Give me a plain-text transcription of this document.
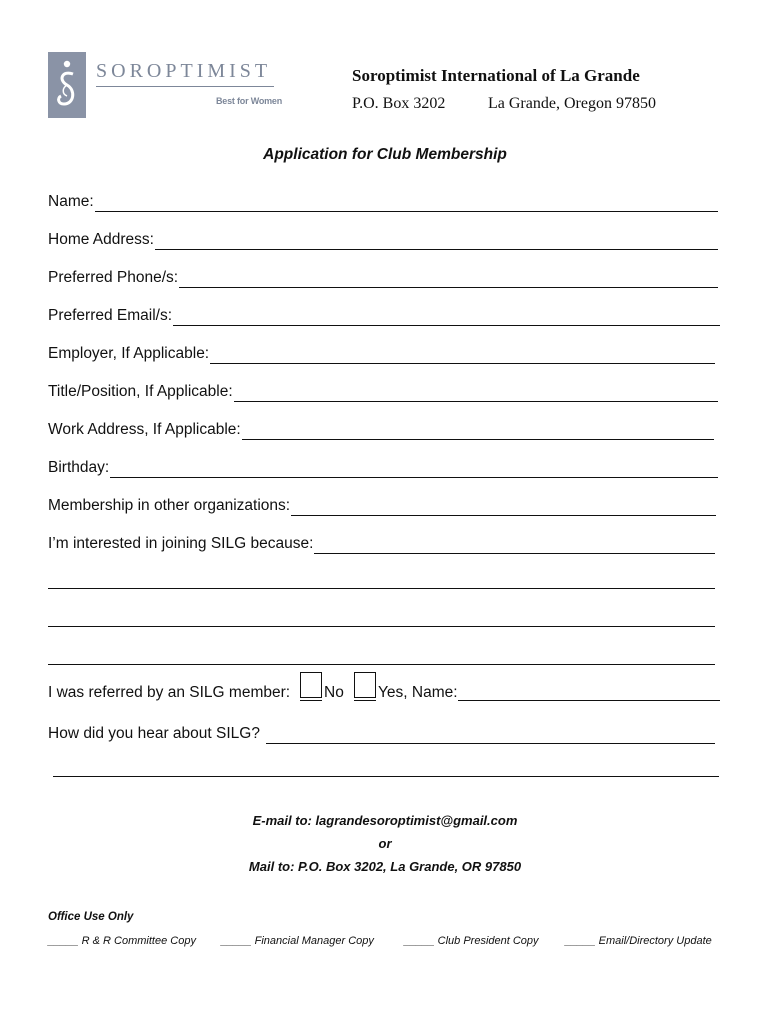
SOROPTIMIST
Best for Women
Soroptimist International of La Grande
P.O. Box 3202	La Grande, Oregon 97850
Application for Club Membership
Name:
Home Address:
Preferred Phone/s:
Preferred Email/s:
Employer, If Applicable:
Title/Position, If Applicable:
Work Address, If Applicable:
Birthday:
Membership in other organizations:
I’m interested in joining SILG because:
I was referred by an SILG member: No Yes, Name:
How did you hear about SILG?
E-mail to: lagrandesoroptimist@gmail.com
or
Mail to: P.O. Box 3202, La Grande, OR 97850
Office Use Only
_____ R & R Committee Copy _____ Financial Manager Copy	_____ Club President Copy _____ Email/Directory Update
